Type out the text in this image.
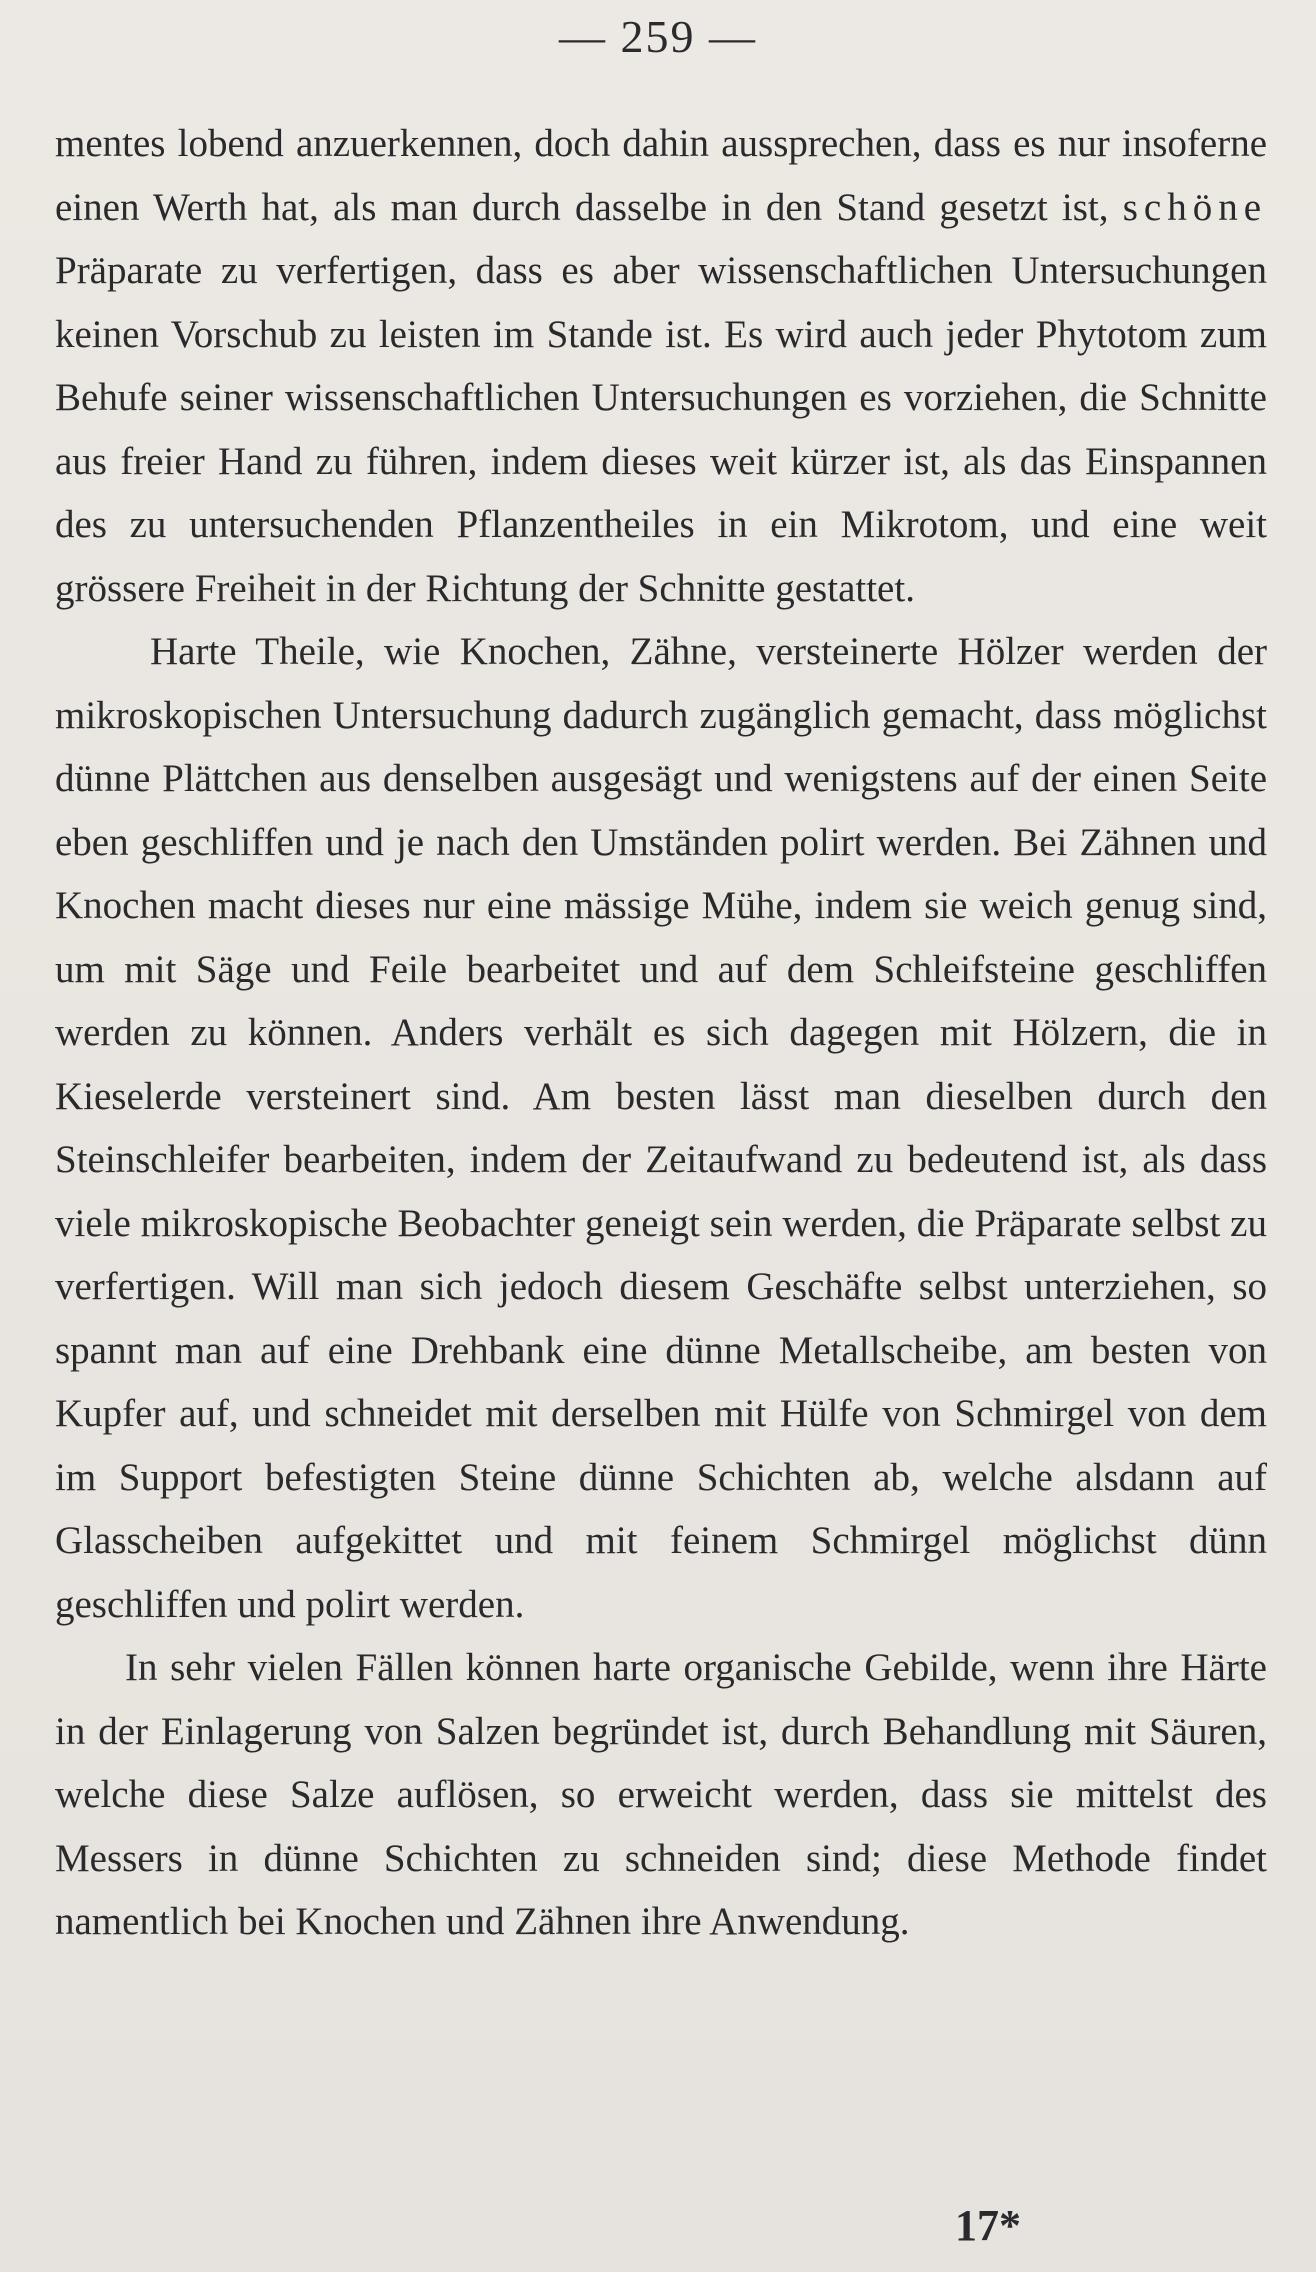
— 259 —

mentes lobend anzuerkennen, doch dahin aussprechen, dass es nur insoferne einen Werth hat, als man durch dasselbe in den Stand gesetzt ist, schöne Präparate zu verfertigen, dass es aber wissenschaftlichen Untersuchungen keinen Vorschub zu leisten im Stande ist. Es wird auch jeder Phytotom zum Behufe seiner wissenschaftlichen Untersuchungen es vorziehen, die Schnitte aus freier Hand zu führen, indem dieses weit kürzer ist, als das Einspannen des zu untersuchenden Pflanzentheiles in ein Mikrotom, und eine weit grössere Freiheit in der Richtung der Schnitte gestattet.

Harte Theile, wie Knochen, Zähne, versteinerte Hölzer werden der mikroskopischen Untersuchung dadurch zugänglich gemacht, dass möglichst dünne Plättchen aus denselben ausgesägt und wenigstens auf der einen Seite eben geschliffen und je nach den Umständen polirt werden. Bei Zähnen und Knochen macht dieses nur eine mässige Mühe, indem sie weich genug sind, um mit Säge und Feile bearbeitet und auf dem Schleifsteine geschliffen werden zu können. Anders verhält es sich dagegen mit Hölzern, die in Kieselerde versteinert sind. Am besten lässt man dieselben durch den Steinschleifer bearbeiten, indem der Zeitaufwand zu bedeutend ist, als dass viele mikroskopische Beobachter geneigt sein werden, die Präparate selbst zu verfertigen. Will man sich jedoch diesem Geschäfte selbst unterziehen, so spannt man auf eine Drehbank eine dünne Metallscheibe, am besten von Kupfer auf, und schneidet mit derselben mit Hülfe von Schmirgel von dem im Support befestigten Steine dünne Schichten ab, welche alsdann auf Glasscheiben aufgekittet und mit feinem Schmirgel möglichst dünn geschliffen und polirt werden.

In sehr vielen Fällen können harte organische Gebilde, wenn ihre Härte in der Einlagerung von Salzen begründet ist, durch Behandlung mit Säuren, welche diese Salze auflösen, so erweicht werden, dass sie mittelst des Messers in dünne Schichten zu schneiden sind; diese Methode findet namentlich bei Knochen und Zähnen ihre Anwendung.

17*
